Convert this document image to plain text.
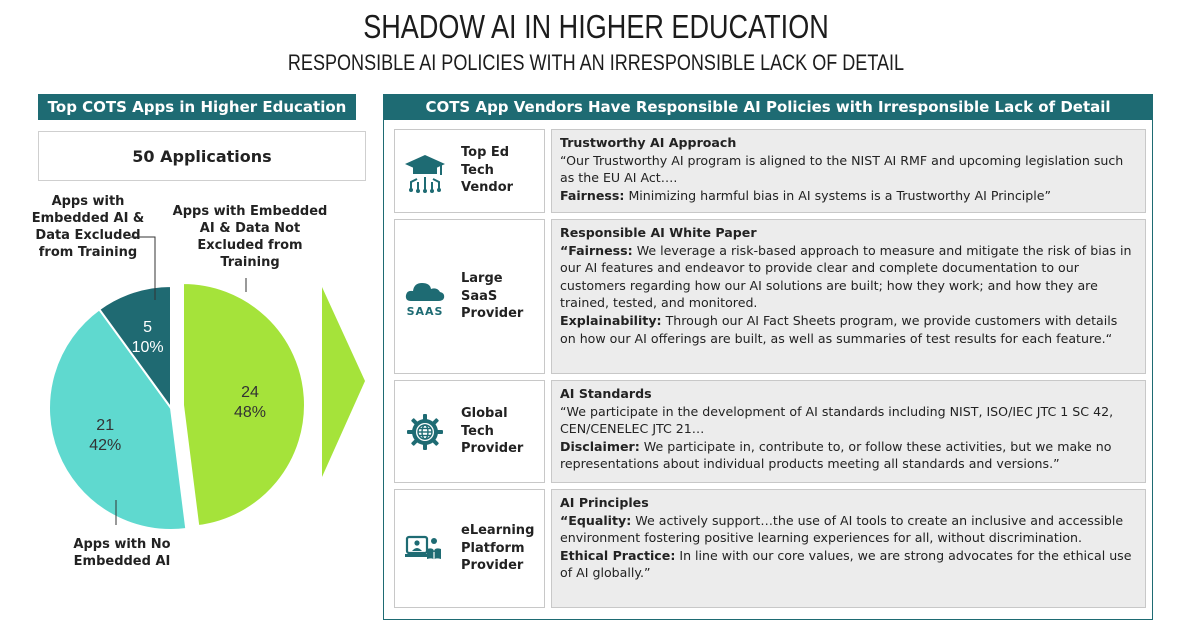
SHADOW AI IN HIGHER EDUCATION
RESPONSIBLE AI POLICIES WITH AN IRRESPONSIBLE LACK OF DETAIL
Top COTS Apps in Higher Education
50 Applications
Apps with Embedded AI & Data Excluded from Training
Apps with Embedded AI & Data Not Excluded from Training
Apps with No Embedded AI
24
48%
21
42%
5
10%
COTS App Vendors Have Responsible AI Policies with Irresponsible Lack of Detail
Top Ed
Tech
Vendor
Trustworthy AI Approach
“Our Trustworthy AI program is aligned to the NIST AI RMF and upcoming legislation such as the EU AI Act….
Fairness: Minimizing harmful bias in AI systems is a Trustworthy AI Principle”
SAAS
Large
SaaS
Provider
Responsible AI White Paper
“Fairness: We leverage a risk-based approach to measure and mitigate the risk of bias in our AI features and endeavor to provide clear and complete documentation to our customers regarding how our AI solutions are built; how they work; and how they are trained, tested, and monitored.
Explainability: Through our AI Fact Sheets program, we provide customers with details on how our AI offerings are built, as well as summaries of test results for each feature.“
Global
Tech
Provider
AI Standards
“We participate in the development of AI standards including NIST, ISO/IEC JTC 1 SC 42, CEN/CENELEC JTC 21…
Disclaimer: We participate in, contribute to, or follow these activities, but we make no representations about individual products meeting all standards and versions.”
eLearning
Platform
Provider
AI Principles
“Equality: We actively support…the use of AI tools to create an inclusive and accessible environment fostering positive learning experiences for all, without discrimination.
Ethical Practice: In line with our core values, we are strong advocates for the ethical use of AI globally.”
